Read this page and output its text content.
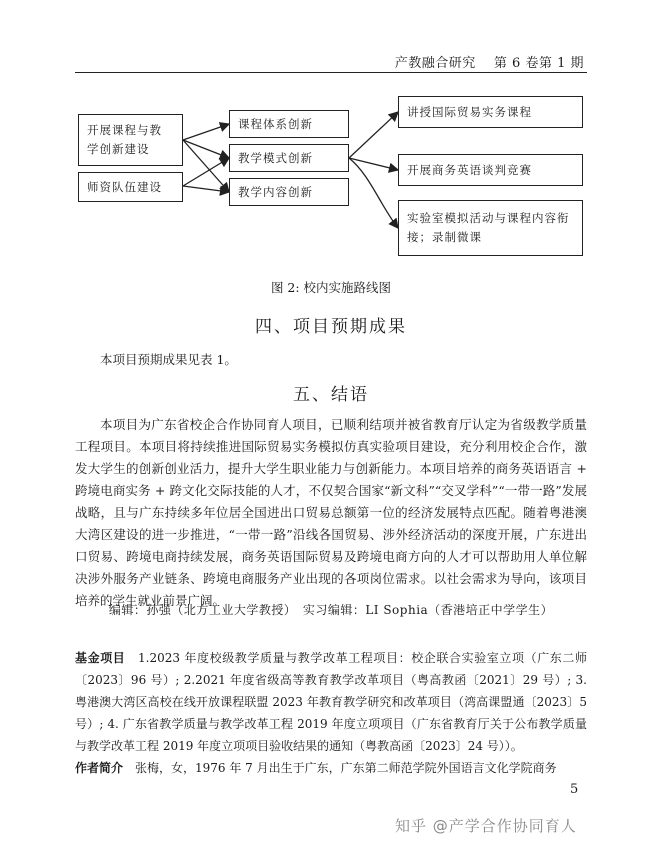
产教融合研究　 第 6 卷第 1 期
开展课程与教学创新建设
师资队伍建设
课程体系创新
教学模式创新
教学内容创新
讲授国际贸易实务课程
开展商务英语谈判竞赛
实验室模拟活动与课程内容衔接；录制微课
图 2: 校内实施路线图
四、项目预期成果

本项目预期成果见表 1。

五、结语

本项目为广东省校企合作协同育人项目，已顺利结项并被省教育厅认定为省级教学质量工程项目。本项目将持续推进国际贸易实务模拟仿真实验项目建设，充分利用校企合作，激发大学生的创新创业活力，提升大学生职业能力与创新能力。本项目培养的商务英语语言 + 跨境电商实务 + 跨文化交际技能的人才，不仅契合国家“新文科”“交叉学科”“一带一路”发展战略，且与广东持续多年位居全国进出口贸易总额第一位的经济发展特点匹配。随着粤港澳大湾区建设的进一步推进，“一带一路”沿线各国贸易、涉外经济活动的深度开展，广东进出口贸易、跨境电商持续发展，商务英语国际贸易及跨境电商方向的人才可以帮助用人单位解决涉外服务产业链条、跨境电商服务产业出现的各项岗位需求。以社会需求为导向，该项目培养的学生就业前景广阔。

编辑：孙强（北方工业大学教授）　实习编辑：LI Sophia（香港培正中学学生）

基金项目　1.2023 年度校级教学质量与教学改革工程项目：校企联合实验室立项（广东二师〔2023〕96 号）; 2.2021 年度省级高等教育教学改革项目（粤高教函〔2021〕29 号）; 3. 粤港澳大湾区高校在线开放课程联盟 2023 年教育教学研究和改革项目（湾高课盟通〔2023〕5 号）; 4. 广东省教学质量与教学改革工程 2019 年度立项项目（广东省教育厅关于公布教学质量与教学改革工程 2019 年度立项项目验收结果的通知（粤教高函〔2023〕24 号））。

作者简介　张梅，女，1976 年 7 月出生于广东，广东第二师范学院外国语言文化学院商务

5
知乎 @产学合作协同育人
